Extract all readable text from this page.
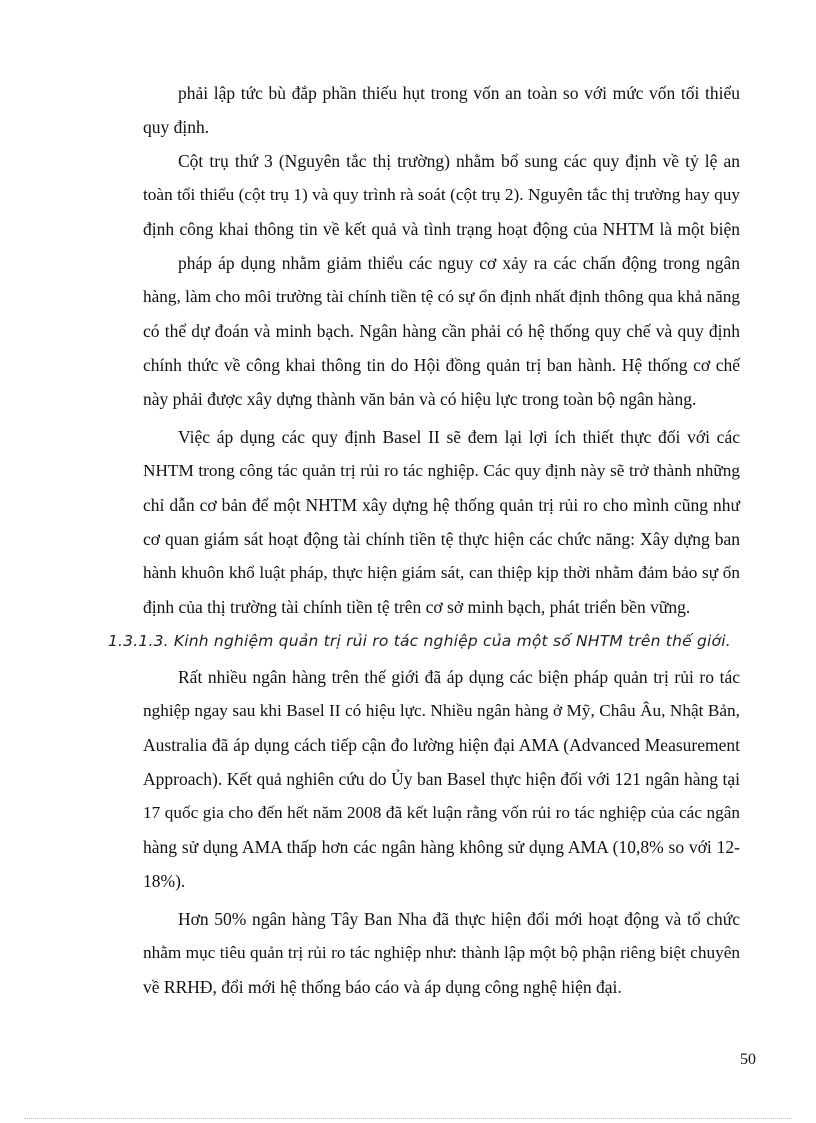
phải lập tức bù đắp phần thiếu hụt trong vốn an toàn so với mức vốn tối thiểu
quy định.
Cột trụ thứ 3 (Nguyên tắc thị trường) nhằm bổ sung các quy định về tỷ lệ an
toàn tối thiểu (cột trụ 1) và quy trình rà soát (cột trụ 2). Nguyên tắc thị trường hay quy
định công khai thông tin về kết quả và tình trạng hoạt động của NHTM là một biện
pháp áp dụng nhằm giảm thiểu các nguy cơ xảy ra các chấn động trong ngân
hàng, làm cho môi trường tài chính tiền tệ có sự ổn định nhất định thông qua khả năng
có thể dự đoán và minh bạch. Ngân hàng cần phải có hệ thống quy chế và quy định
chính thức về công khai thông tin do Hội đồng quản trị ban hành. Hệ thống cơ chế
này phải được xây dựng thành văn bản và có hiệu lực trong toàn bộ ngân hàng.
Việc áp dụng các quy định Basel II sẽ đem lại lợi ích thiết thực đối với các
NHTM trong công tác quản trị rủi ro tác nghiệp. Các quy định này sẽ trở thành những
chỉ dẫn cơ bản để một NHTM xây dựng hệ thống quản trị rủi ro cho mình cũng như
cơ quan giám sát hoạt động tài chính tiền tệ thực hiện các chức năng: Xây dựng ban
hành khuôn khổ luật pháp, thực hiện giám sát, can thiệp kịp thời nhằm đảm bảo sự ổn
định của thị trường tài chính tiền tệ trên cơ sở minh bạch, phát triển bền vững.
1.3.1.3. Kinh nghiệm quản trị rủi ro tác nghiệp của một số NHTM trên thế giới.
Rất nhiều ngân hàng trên thế giới đã áp dụng các biện pháp quản trị rủi ro tác
nghiệp ngay sau khi Basel II có hiệu lực. Nhiều ngân hàng ở Mỹ, Châu Âu, Nhật Bản,
Australia đã áp dụng cách tiếp cận đo lường hiện đại AMA (Advanced Measurement
Approach). Kết quả nghiên cứu do Ủy ban Basel thực hiện đối với 121 ngân hàng tại
17 quốc gia cho đến hết năm 2008 đã kết luận rằng vốn rủi ro tác nghiệp của các ngân
hàng sử dụng AMA thấp hơn các ngân hàng không sử dụng AMA (10,8% so với 12-
18%).
Hơn 50% ngân hàng Tây Ban Nha đã thực hiện đổi mới hoạt động và tổ chức
nhằm mục tiêu quản trị rủi ro tác nghiệp như: thành lập một bộ phận riêng biệt chuyên
về RRHĐ, đổi mới hệ thống báo cáo và áp dụng công nghệ hiện đại.
50
